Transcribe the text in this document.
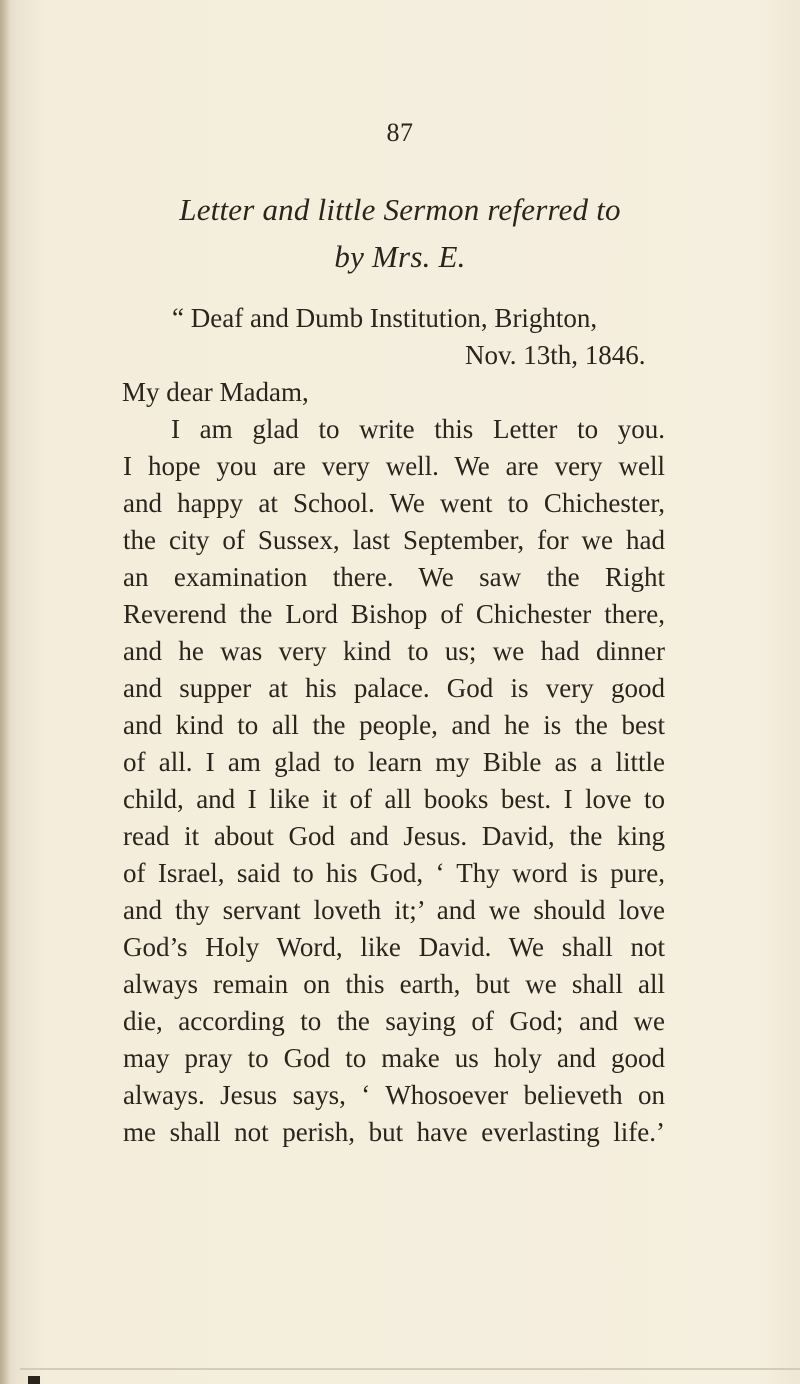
87
Letter and little Sermon referred to
by Mrs. E.
“ Deaf and Dumb Institution, Brighton,
Nov. 13th, 1846.
My dear Madam,
I am glad to write this Letter to you.
I hope you are very well. We are very well
and happy at School. We went to Chichester,
the city of Sussex, last September, for we had
an examination there. We saw the Right
Reverend the Lord Bishop of Chichester there,
and he was very kind to us; we had dinner
and supper at his palace. God is very good
and kind to all the people, and he is the best
of all. I am glad to learn my Bible as a little
child, and I like it of all books best. I love to
read it about God and Jesus. David, the king
of Israel, said to his God, ‘ Thy word is pure,
and thy servant loveth it;’ and we should love
God’s Holy Word, like David. We shall not
always remain on this earth, but we shall all
die, according to the saying of God; and we
may pray to God to make us holy and good
always. Jesus says, ‘ Whosoever believeth on
me shall not perish, but have everlasting life.’
